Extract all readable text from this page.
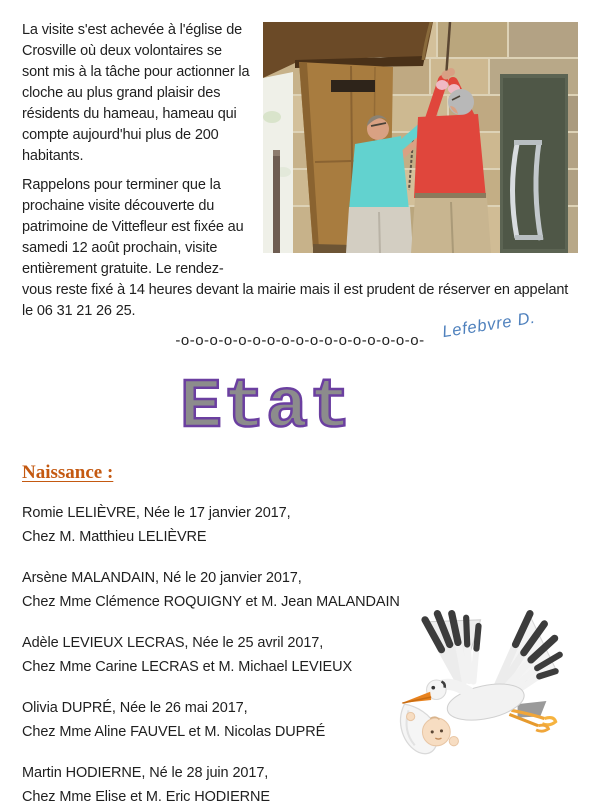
La visite s'est achevée à l'église de Crosville où deux volontaires se sont mis à la tâche pour actionner la cloche au plus grand plaisir des résidents du hameau, hameau qui compte aujourd'hui plus de 200 habitants.

Rappelons pour terminer que la prochaine visite découverte du patrimoine de Vittefleur est fixée au samedi 12 août prochain, visite entièrement gratuite. Le rendez-vous reste fixé à 14 heures devant la mairie mais il est prudent de réserver en appelant le 06 31 21 26 25.

-o-o-o-o-o-o-o-o-o-o-o-o-o-o-o-o-o- Lefebvre D.
Etat
Naissance :
Romie LELIÈVRE, Née le 17 janvier 2017,
Chez M. Matthieu LELIÈVRE
Arsène MALANDAIN, Né le 20 janvier 2017,
Chez Mme Clémence ROQUIGNY et M. Jean MALANDAIN
Adèle LEVIEUX LECRAS, Née le 25 avril 2017,
Chez Mme Carine LECRAS et M. Michael LEVIEUX
Olivia DUPRÉ, Née le 26 mai 2017,
Chez Mme Aline FAUVEL et M. Nicolas DUPRÉ
Martin HODIERNE, Né le 28 juin 2017,
Chez Mme Elise et M. Eric HODIERNE
